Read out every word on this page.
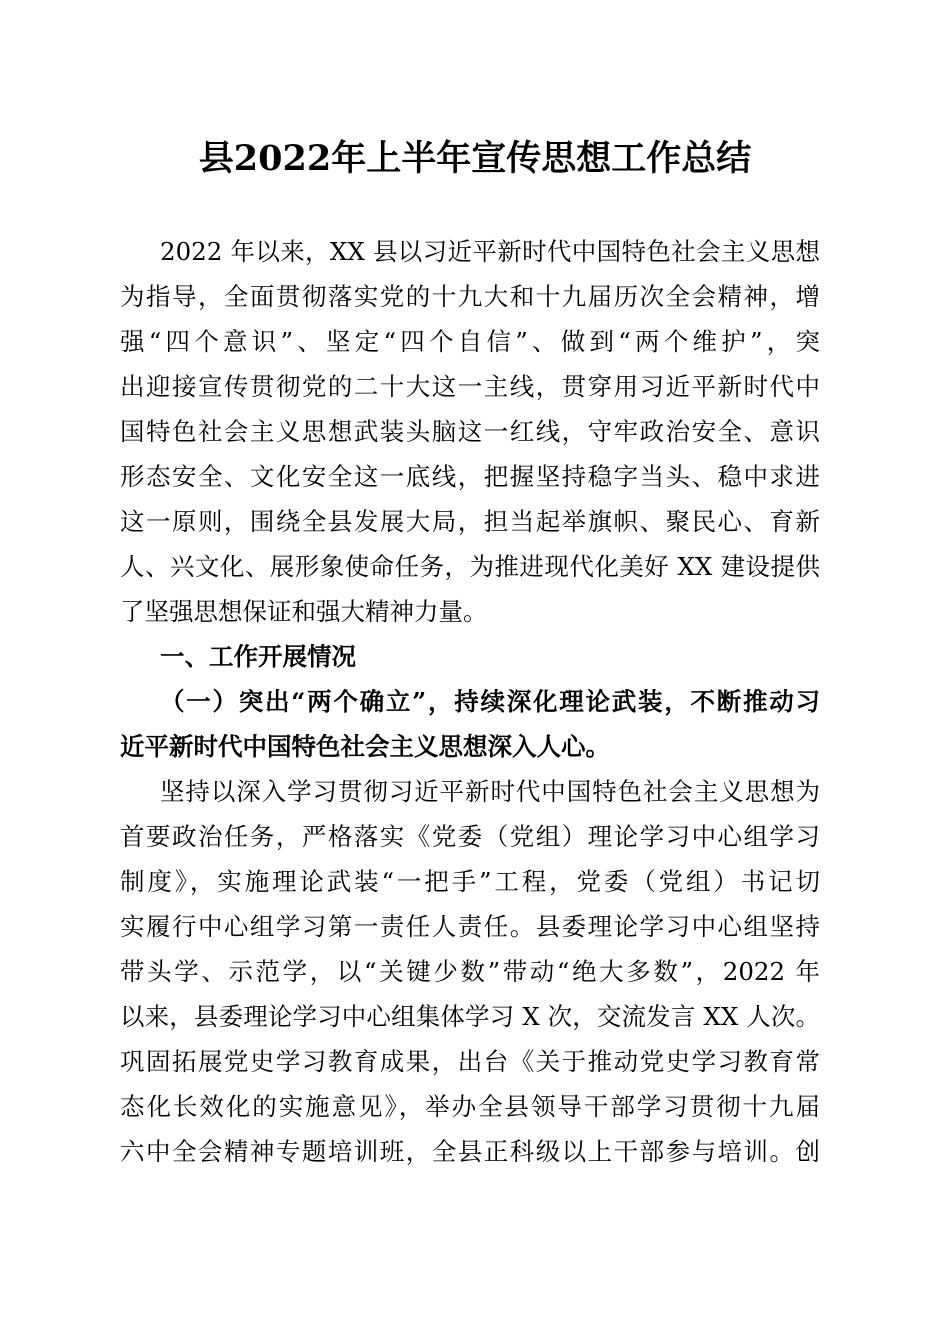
县2022年上半年宣传思想工作总结
2022 年以来，XX 县以习近平新时代中国特色社会主义思想
为指导，全面贯彻落实党的十九大和十九届历次全会精神，增
强“四个意识”、坚定“四个自信”、做到“两个维护”，突
出迎接宣传贯彻党的二十大这一主线，贯穿用习近平新时代中
国特色社会主义思想武装头脑这一红线，守牢政治安全、意识
形态安全、文化安全这一底线，把握坚持稳字当头、稳中求进
这一原则，围绕全县发展大局，担当起举旗帜、聚民心、育新
人、兴文化、展形象使命任务，为推进现代化美好 XX 建设提供
了坚强思想保证和强大精神力量。
一、工作开展情况
（一）突出“两个确立”，持续深化理论武装，不断推动习
近平新时代中国特色社会主义思想深入人心。
坚持以深入学习贯彻习近平新时代中国特色社会主义思想为
首要政治任务，严格落实《党委（党组）理论学习中心组学习
制度》，实施理论武装“一把手”工程，党委（党组）书记切
实履行中心组学习第一责任人责任。县委理论学习中心组坚持
带头学、示范学，以“关键少数”带动“绝大多数”，2022 年
以来，县委理论学习中心组集体学习 X 次，交流发言 XX 人次。
巩固拓展党史学习教育成果，出台《关于推动党史学习教育常
态化长效化的实施意见》，举办全县领导干部学习贯彻十九届
六中全会精神专题培训班，全县正科级以上干部参与培训。创
